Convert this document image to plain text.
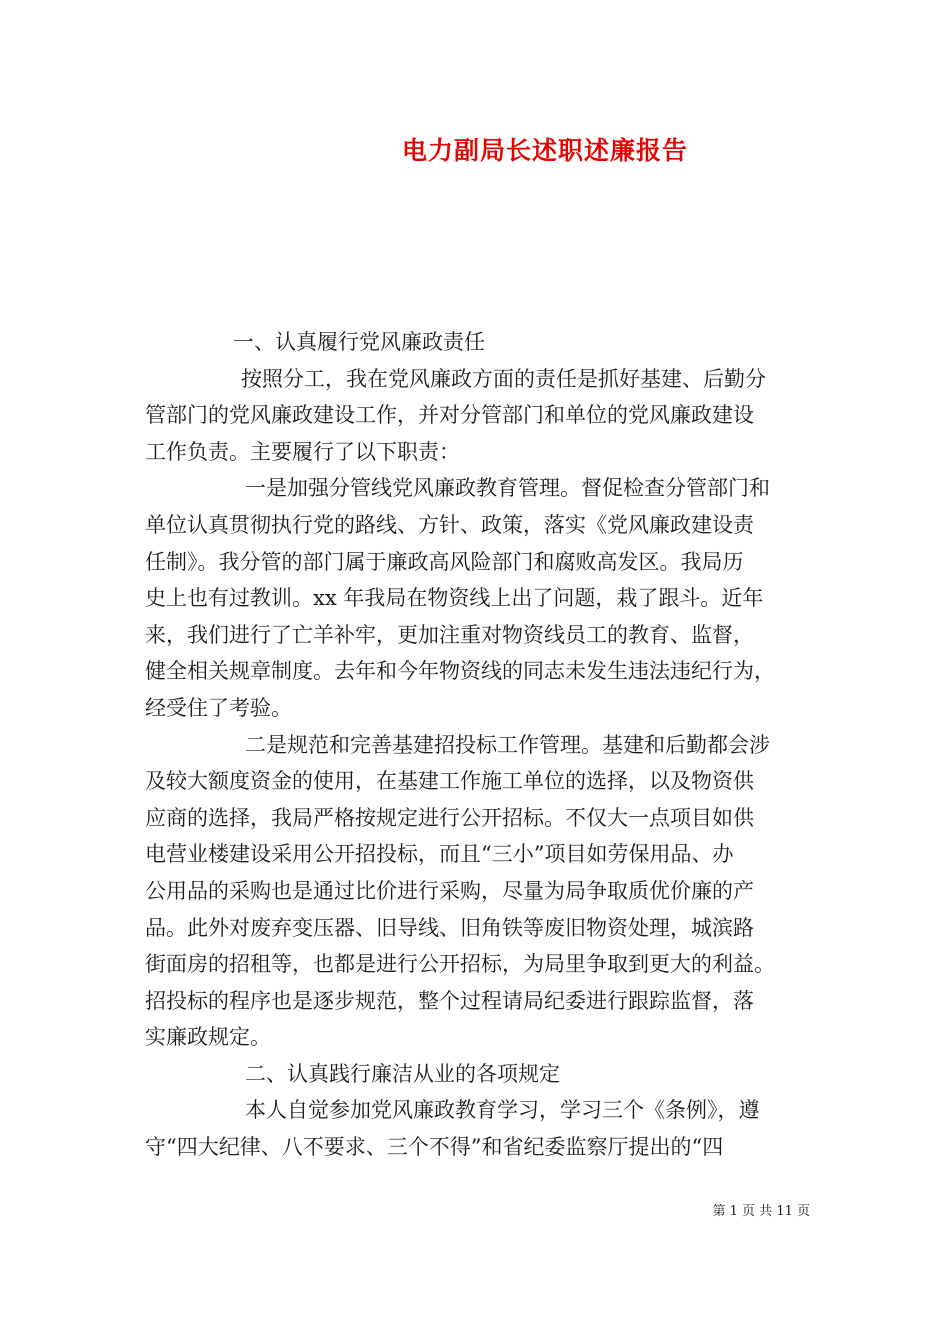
电力副局长述职述廉报告
一、认真履行党风廉政责任
按照分工，我在党风廉政方面的责任是抓好基建、后勤分
管部门的党风廉政建设工作，并对分管部门和单位的党风廉政建设
工作负责。主要履行了以下职责：
一是加强分管线党风廉政教育管理。督促检查分管部门和
单位认真贯彻执行党的路线、方针、政策，落实《党风廉政建设责
任制》。我分管的部门属于廉政高风险部门和腐败高发区。我局历
史上也有过教训。xx 年我局在物资线上出了问题，栽了跟斗。近年
来，我们进行了亡羊补牢，更加注重对物资线员工的教育、监督，
健全相关规章制度。去年和今年物资线的同志未发生违法违纪行为，
经受住了考验。
二是规范和完善基建招投标工作管理。基建和后勤都会涉
及较大额度资金的使用，在基建工作施工单位的选择，以及物资供
应商的选择，我局严格按规定进行公开招标。不仅大一点项目如供
电营业楼建设采用公开招投标，而且“三小”项目如劳保用品、办
公用品的采购也是通过比价进行采购，尽量为局争取质优价廉的产
品。此外对废弃变压器、旧导线、旧角铁等废旧物资处理，城滨路
街面房的招租等，也都是进行公开招标，为局里争取到更大的利益。
招投标的程序也是逐步规范，整个过程请局纪委进行跟踪监督，落
实廉政规定。
二、认真践行廉洁从业的各项规定
本人自觉参加党风廉政教育学习，学习三个《条例》，遵
守“四大纪律、八不要求、三个不得”和省纪委监察厅提出的“四
第 1 页 共 11 页
